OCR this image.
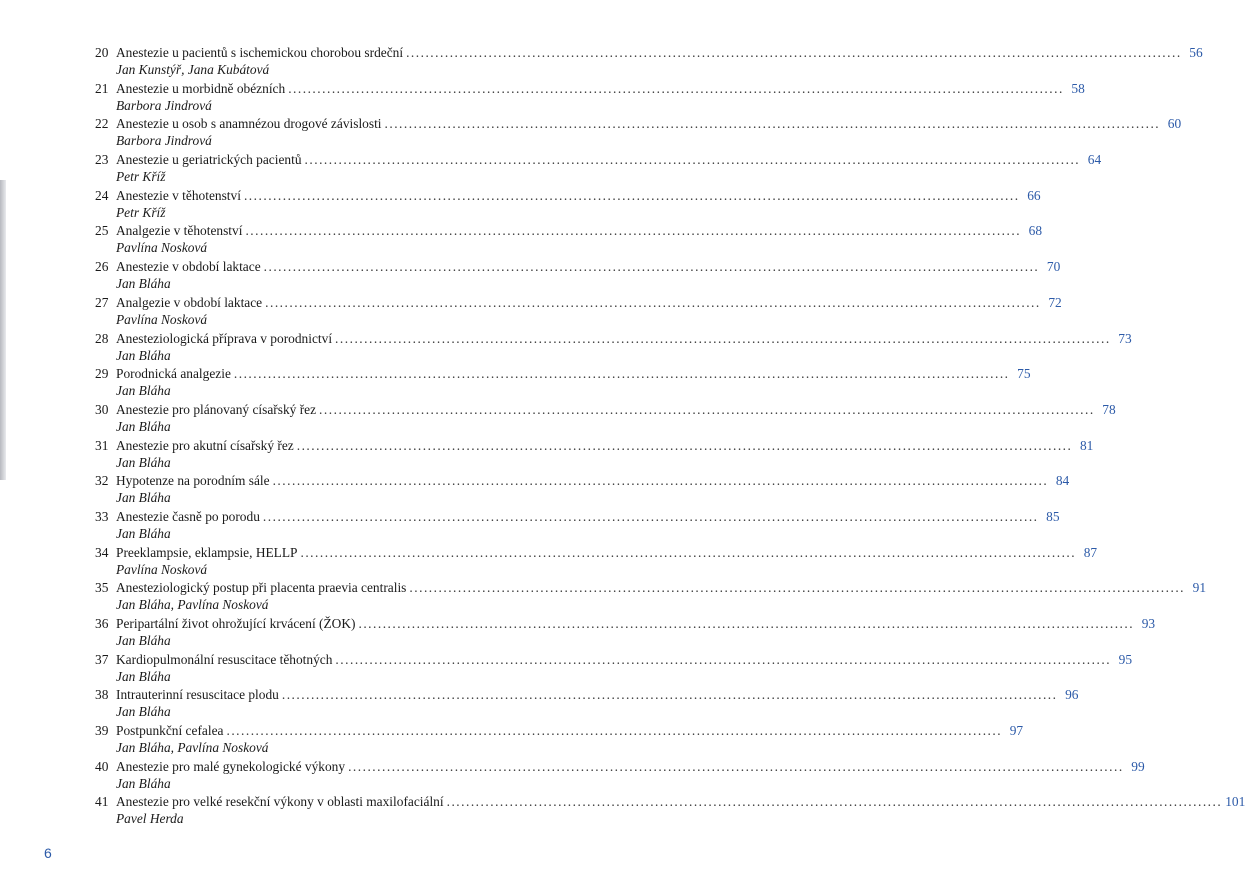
20 Anestezie u pacientů s ischemickou chorobou srdeční ................................................................................................................................................................ 56
Jan Kunstýř, Jana Kubátová
21 Anestezie u morbidně obézních ................................................................................................................................................................ 58
Barbora Jindrová
22 Anestezie u osob s anamnézou drogové závislosti ................................................................................................................................................................ 60
Barbora Jindrová
23 Anestezie u geriatrických pacientů ................................................................................................................................................................ 64
Petr Kříž
24 Anestezie v těhotenství ................................................................................................................................................................ 66
Petr Kříž
25 Analgezie v těhotenství ................................................................................................................................................................ 68
Pavlína Nosková
26 Anestezie v období laktace ................................................................................................................................................................ 70
Jan Bláha
27 Analgezie v období laktace ................................................................................................................................................................ 72
Pavlína Nosková
28 Anesteziologická příprava v porodnictví ................................................................................................................................................................ 73
Jan Bláha
29 Porodnická analgezie ................................................................................................................................................................ 75
Jan Bláha
30 Anestezie pro plánovaný císařský řez ................................................................................................................................................................ 78
Jan Bláha
31 Anestezie pro akutní císařský řez ................................................................................................................................................................ 81
Jan Bláha
32 Hypotenze na porodním sále ................................................................................................................................................................ 84
Jan Bláha
33 Anestezie časně po porodu ................................................................................................................................................................ 85
Jan Bláha
34 Preeklampsie, eklampsie, HELLP ................................................................................................................................................................ 87
Pavlína Nosková
35 Anesteziologický postup při placenta praevia centralis ................................................................................................................................................................ 91
Jan Bláha, Pavlína Nosková
36 Peripartální život ohrožující krvácení (ŽOK) ................................................................................................................................................................ 93
Jan Bláha
37 Kardiopulmonální resuscitace těhotných ................................................................................................................................................................ 95
Jan Bláha
38 Intrauterinní resuscitace plodu ................................................................................................................................................................ 96
Jan Bláha
39 Postpunkční cefalea ................................................................................................................................................................ 97
Jan Bláha, Pavlína Nosková
40 Anestezie pro malé gynekologické výkony ................................................................................................................................................................ 99
Jan Bláha
41 Anestezie pro velké resekční výkony v oblasti maxilofaciální ................................................................................................................................................................ 101
Pavel Herda
6
